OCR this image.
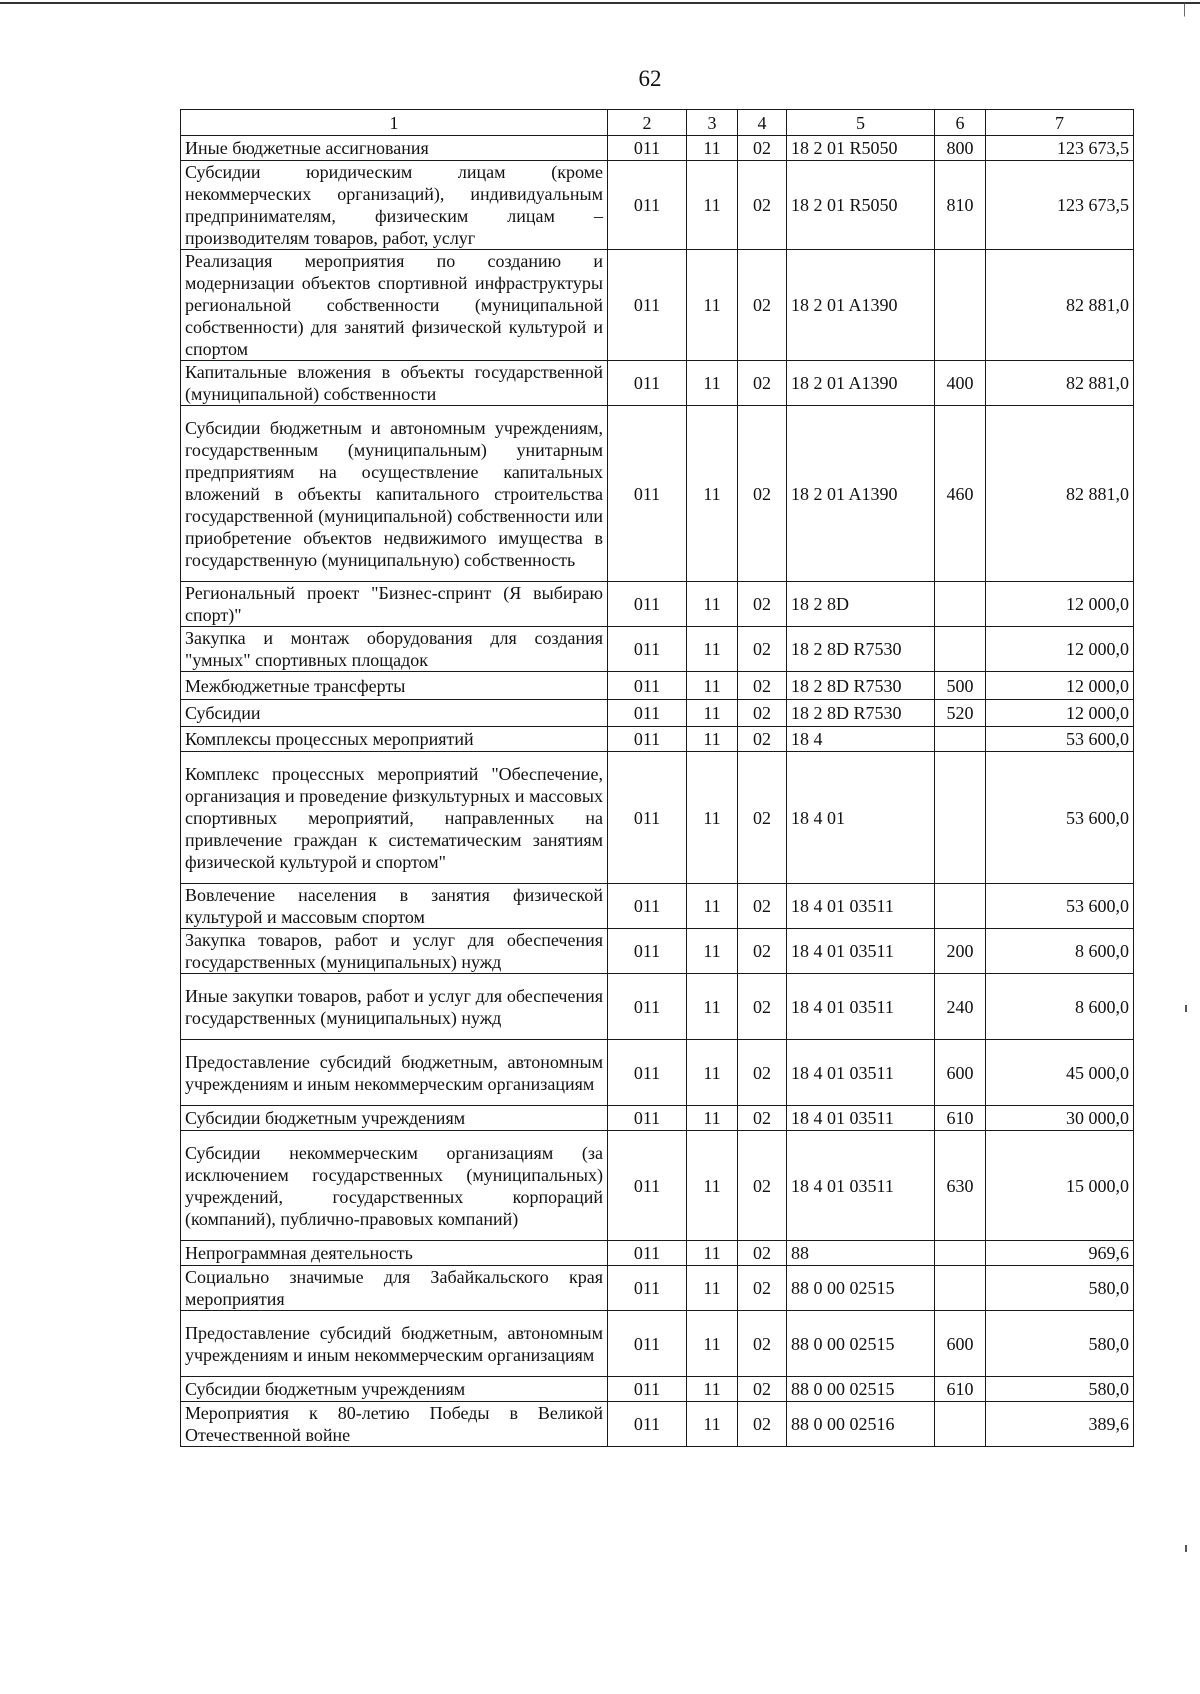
|
62
1	2	3	4	5	6	7
Иные бюджетные ассигнования	011	11	02	18 2 01 R5050	800	123 673,5
Субсидии юридическим лицам (кроме некоммерческих организаций), индивидуальным предпринимателям, физическим лицам – производителям товаров, работ, услуг	011	11	02	18 2 01 R5050	810	123 673,5
Реализация мероприятия по созданию и модернизации объектов спортивной инфраструктуры региональной собственности (муниципальной собственности) для занятий физической культурой и спортом	011	11	02	18 2 01 A1390		82 881,0
Капитальные вложения в объекты государственной (муниципальной) собственности	011	11	02	18 2 01 A1390	400	82 881,0
Субсидии бюджетным и автономным учреждениям, государственным (муниципальным) унитарным предприятиям на осуществление капитальных вложений в объекты капитального строительства государственной (муниципальной) собственности или приобретение объектов недвижимого имущества в государственную (муниципальную) собственность	011	11	02	18 2 01 A1390	460	82 881,0
Региональный проект "Бизнес-спринт (Я выбираю спорт)"	011	11	02	18 2 8D		12 000,0
Закупка и монтаж оборудования для создания "умных" спортивных площадок	011	11	02	18 2 8D R7530		12 000,0
Межбюджетные трансферты	011	11	02	18 2 8D R7530	500	12 000,0
Субсидии	011	11	02	18 2 8D R7530	520	12 000,0
Комплексы процессных мероприятий	011	11	02	18 4		53 600,0
Комплекс процессных мероприятий "Обеспечение, организация и проведение физкультурных и массовых спортивных мероприятий, направленных на привлечение граждан к систематическим занятиям физической культурой и спортом"	011	11	02	18 4 01		53 600,0
Вовлечение населения в занятия физической культурой и массовым спортом	011	11	02	18 4 01 03511		53 600,0
Закупка товаров, работ и услуг для обеспечения государственных (муниципальных) нужд	011	11	02	18 4 01 03511	200	8 600,0
Иные закупки товаров, работ и услуг для обеспечения государственных (муниципальных) нужд	011	11	02	18 4 01 03511	240	8 600,0
Предоставление субсидий бюджетным, автономным учреждениям и иным некоммерческим организациям	011	11	02	18 4 01 03511	600	45 000,0
Субсидии бюджетным учреждениям	011	11	02	18 4 01 03511	610	30 000,0
Субсидии некоммерческим организациям (за исключением государственных (муниципальных) учреждений, государственных корпораций (компаний), публично-правовых компаний)	011	11	02	18 4 01 03511	630	15 000,0
Непрограммная деятельность	011	11	02	88		969,6
Социально значимые для Забайкальского края мероприятия	011	11	02	88 0 00 02515		580,0
Предоставление субсидий бюджетным, автономным учреждениям и иным некоммерческим организациям	011	11	02	88 0 00 02515	600	580,0
Субсидии бюджетным учреждениям	011	11	02	88 0 00 02515	610	580,0
Мероприятия к 80-летию Победы в Великой Отечественной войне	011	11	02	88 0 00 02516		389,6
